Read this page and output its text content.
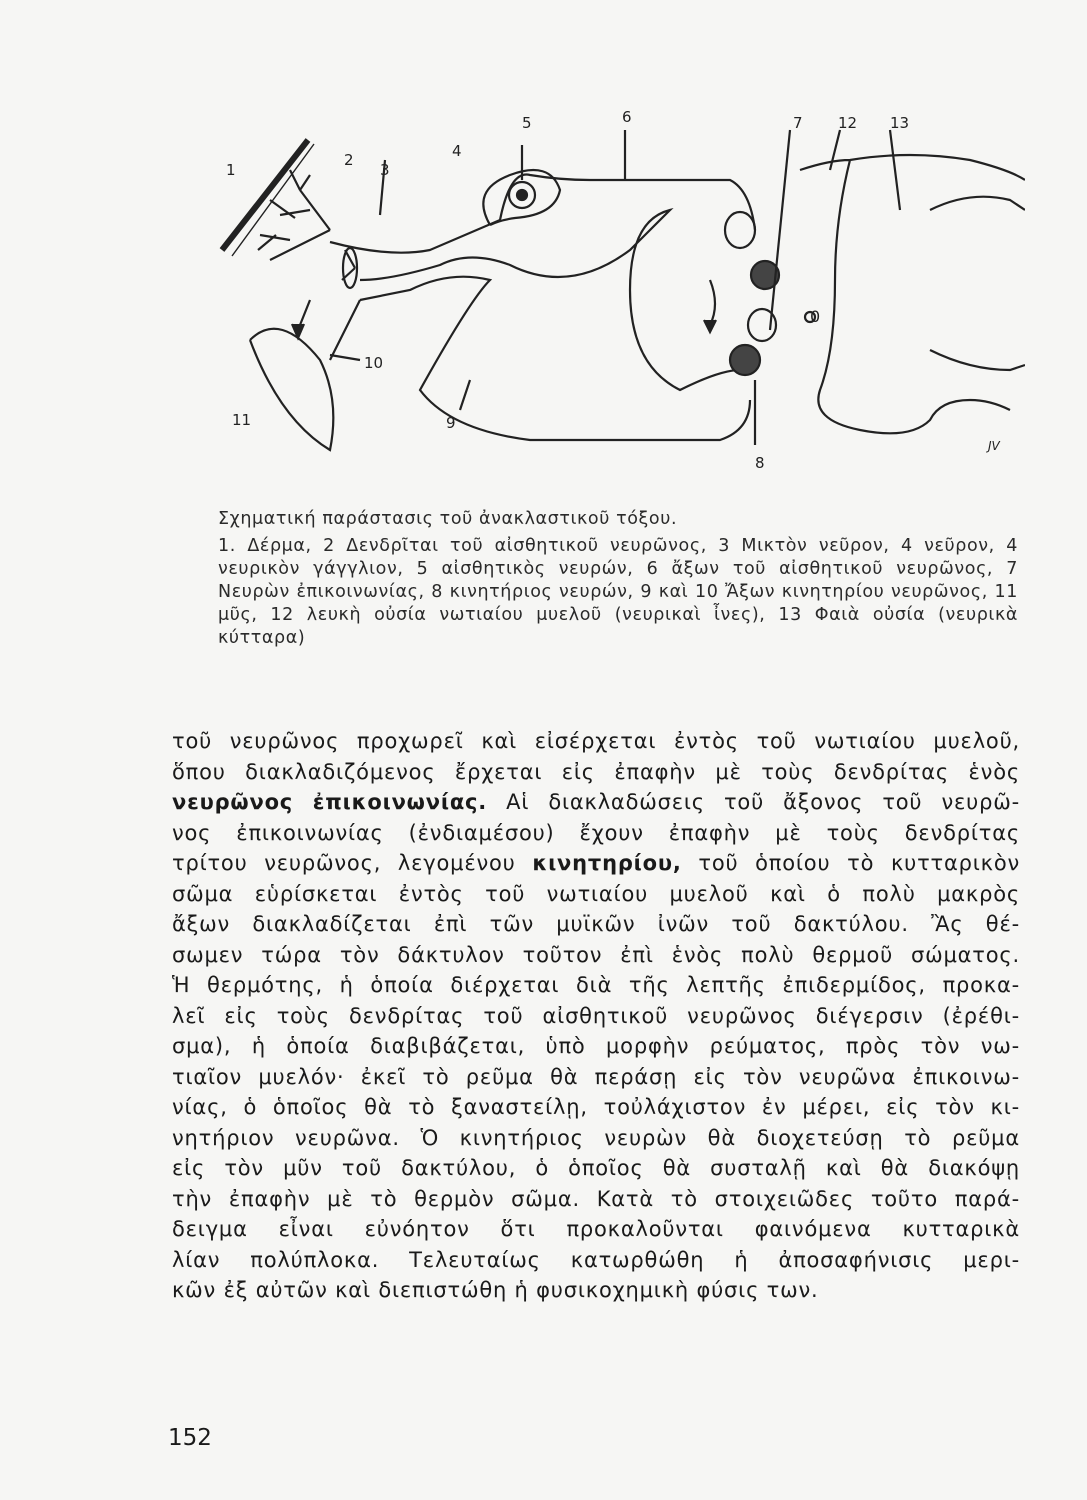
1
2
3
4
5	6	7 12 13
10
11	9
8
0
JV

Σχηματική παράστασις τοῦ ἀνακλαστικοῦ τόξου.

1. Δέρμα, 2 Δενδρῖται τοῦ αἰσθητικοῦ νευρῶνος, 3 Μικτὸν νεῦρον, 4 νεῦρον, 4 νευρικὸν γάγγλιον, 5 αἰσθητικὸς νευρών, 6 ἄξων τοῦ αἰσθητικοῦ νευρῶνος, 7 Νευρὼν ἐπικοινωνίας, 8 κινητήριος νευρών, 9 καὶ 10 Ἄξων κινητηρίου νευρῶνος, 11 μῦς, 12 λευκὴ οὐσία νωτιαίου μυελοῦ (νευρικαὶ ἶνες), 13 Φαιὰ οὐσία (νευρικὰ κύτταρα)

τοῦ νευρῶνος προχωρεῖ καὶ εἰσέρχεται ἐντὸς τοῦ νωτιαίου μυελοῦ,
ὅπου διακλαδιζόμενος ἔρχεται εἰς ἐπαφὴν μὲ τοὺς δενδρίτας ἑνὸς
νευρῶνος ἐπικοινωνίας. Αἱ διακλαδώσεις τοῦ ἄξονος τοῦ νευρῶ-
νος ἐπικοινωνίας (ἐνδιαμέσου) ἔχουν ἐπαφὴν μὲ τοὺς δενδρίτας
τρίτου νευρῶνος, λεγομένου κινητηρίου, τοῦ ὁποίου τὸ κυτταρικὸν
σῶμα εὑρίσκεται ἐντὸς τοῦ νωτιαίου μυελοῦ καὶ ὁ πολὺ μακρὸς
ἄξων διακλαδίζεται ἐπὶ τῶν μυϊκῶν ἰνῶν τοῦ δακτύλου. Ἂς θέ-
σωμεν τώρα τὸν δάκτυλον τοῦτον ἐπὶ ἑνὸς πολὺ θερμοῦ σώματος.
Ἡ θερμότης, ἡ ὁποία διέρχεται διὰ τῆς λεπτῆς ἐπιδερμίδος, προκα-
λεῖ εἰς τοὺς δενδρίτας τοῦ αἰσθητικοῦ νευρῶνος διέγερσιν (ἐρέθι-
σμα), ἡ ὁποία διαβιβάζεται, ὑπὸ μορφὴν ρεύματος, πρὸς τὸν νω-
τιαῖον μυελόν· ἐκεῖ τὸ ρεῦμα θὰ περάσῃ εἰς τὸν νευρῶνα ἐπικοινω-
νίας, ὁ ὁποῖος θὰ τὸ ξαναστείλῃ, τοὐλάχιστον ἐν μέρει, εἰς τὸν κι-
νητήριον νευρῶνα. Ὁ κινητήριος νευρὼν θὰ διοχετεύσῃ τὸ ρεῦμα
εἰς τὸν μῦν τοῦ δακτύλου, ὁ ὁποῖος θὰ συσταλῇ καὶ θὰ διακόψῃ
τὴν ἐπαφὴν μὲ τὸ θερμὸν σῶμα. Κατὰ τὸ στοιχειῶδες τοῦτο παρά-
δειγμα εἶναι εὐνόητον ὅτι προκαλοῦνται φαινόμενα κυτταρικὰ
λίαν πολύπλοκα. Τελευταίως κατωρθώθη ἡ ἀποσαφήνισις μερι-
κῶν ἐξ αὐτῶν καὶ διεπιστώθη ἡ φυσικοχημικὴ φύσις των.
152
